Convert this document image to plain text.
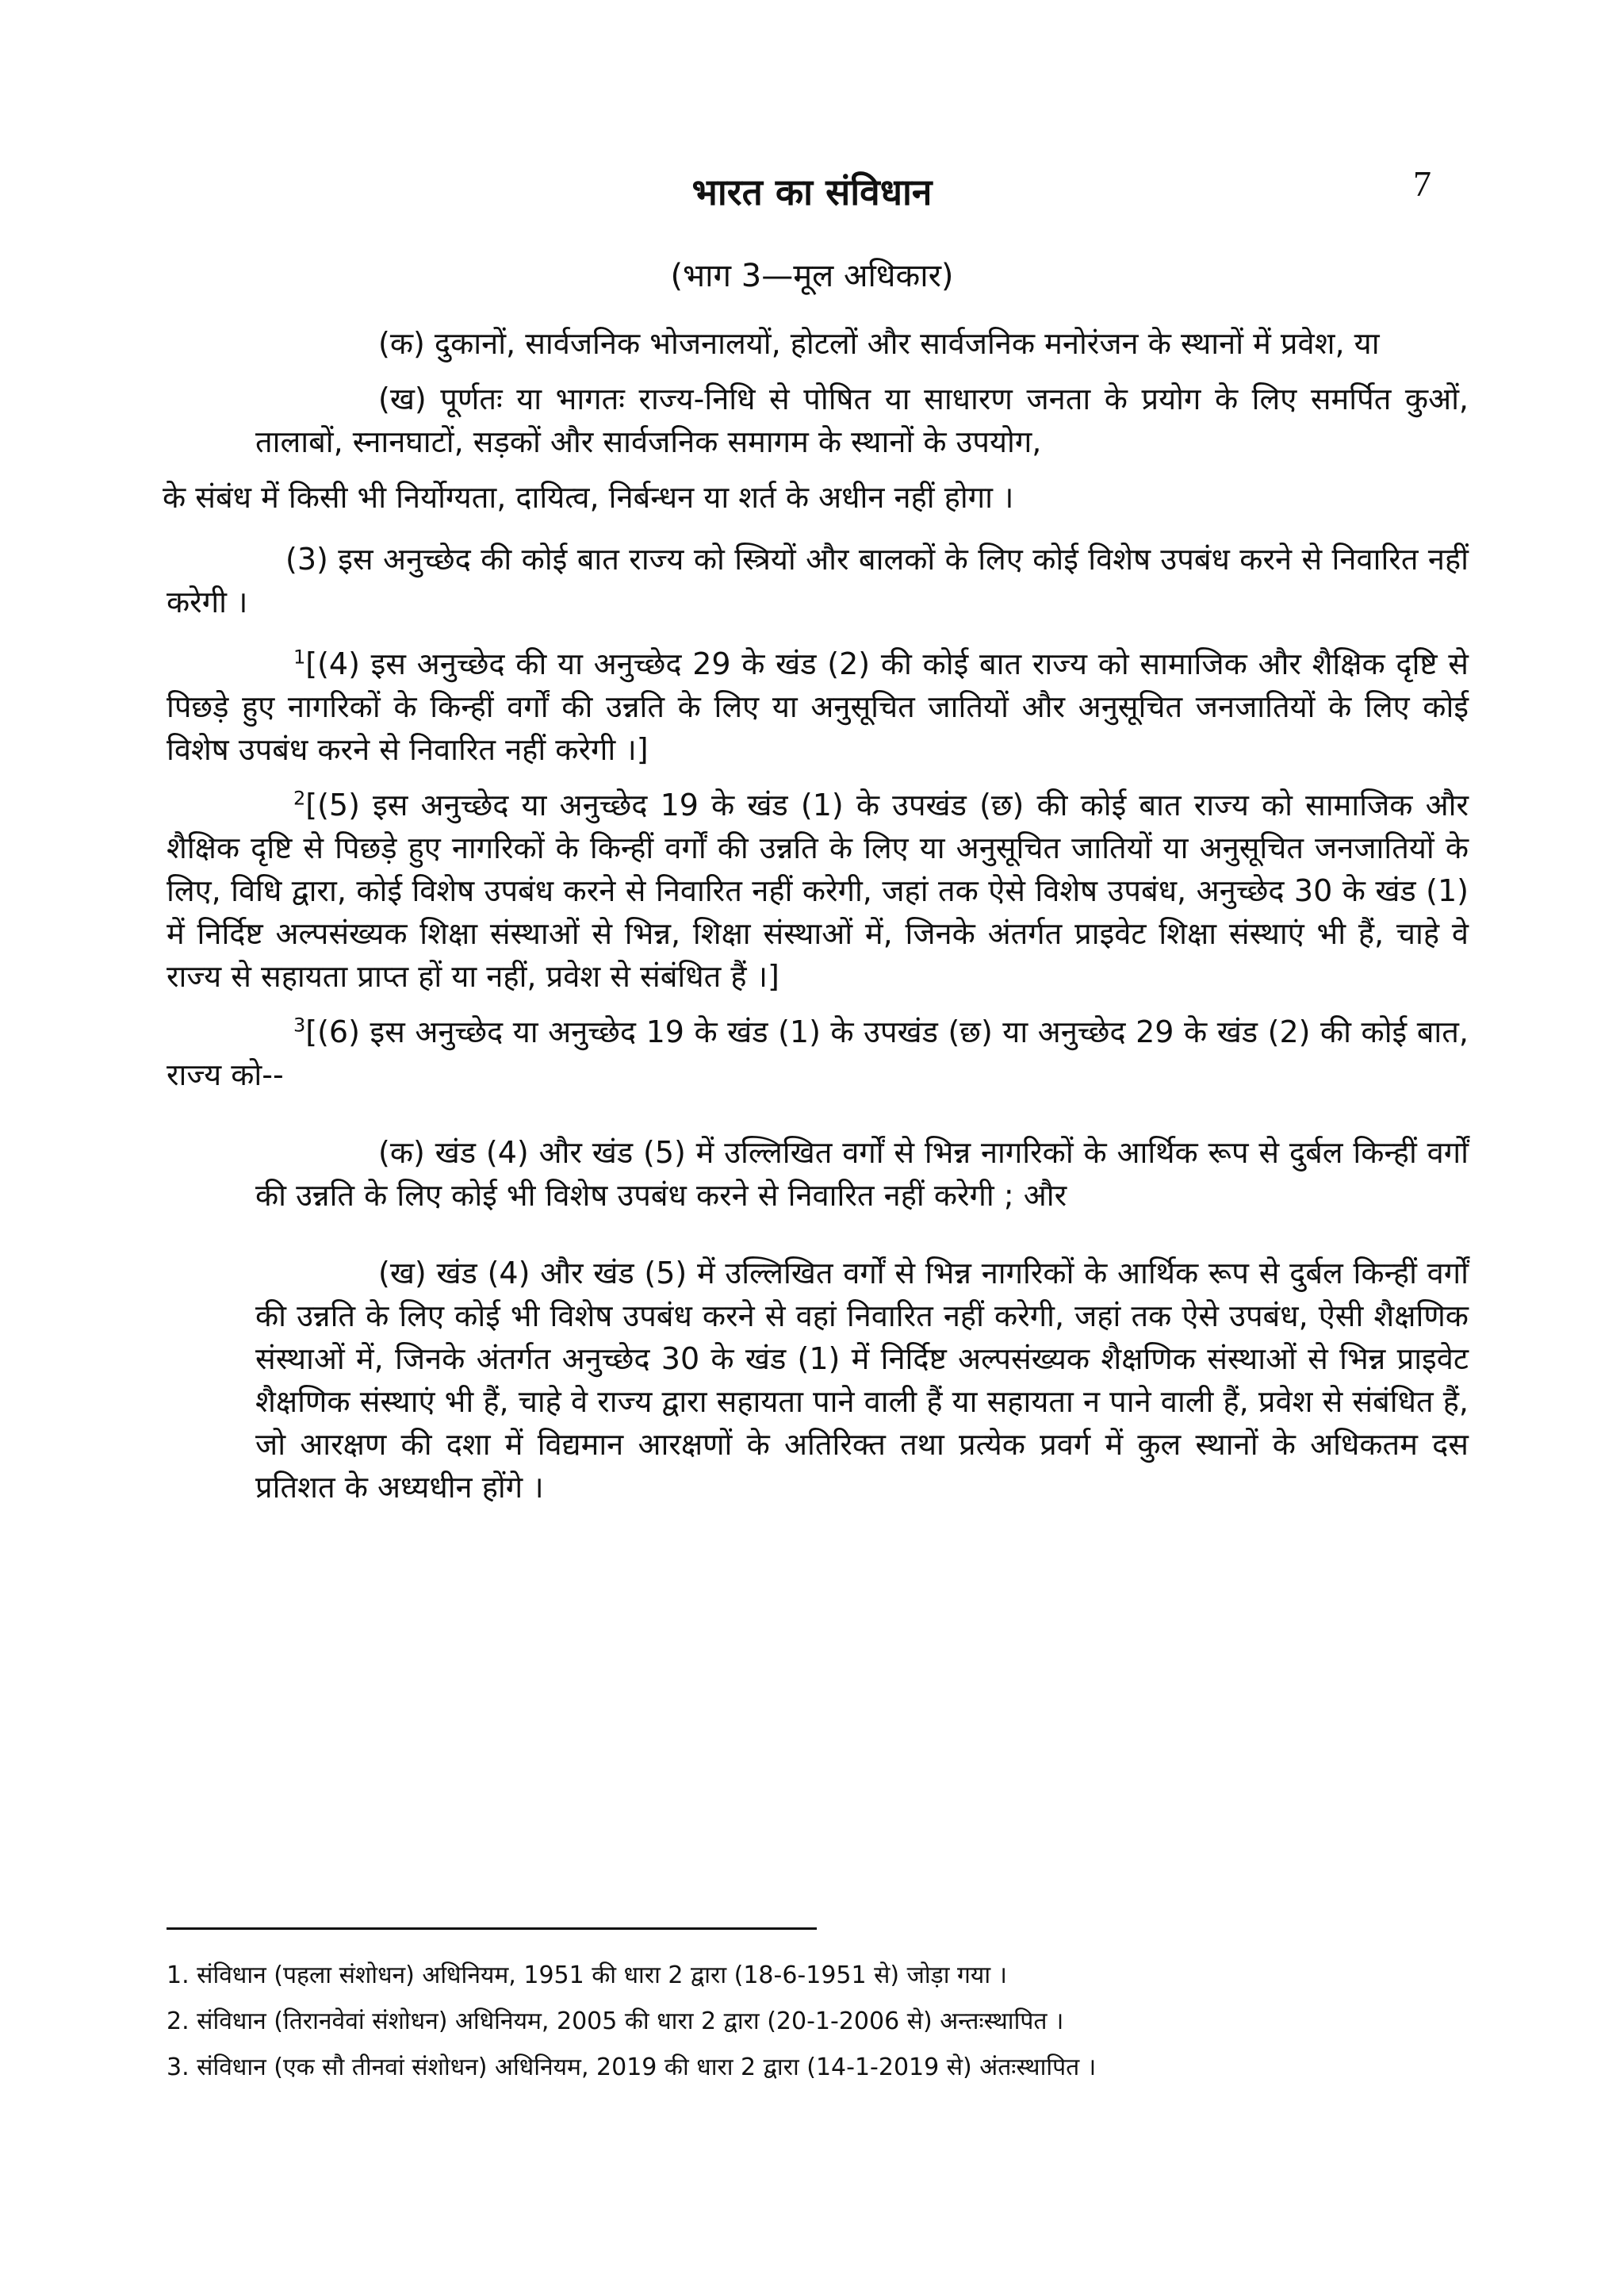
भारत का संविधान	7
(भाग 3—मूल अधिकार)

(क) दुकानों, सार्वजनिक भोजनालयों, होटलों और सार्वजनिक मनोरंजन के स्थानों में प्रवेश, या

(ख) पूर्णतः या भागतः राज्य-निधि से पोषित या साधारण जनता के प्रयोग के लिए समर्पित कुओं, तालाबों, स्नानघाटों, सड़कों और सार्वजनिक समागम के स्थानों के उपयोग,

के संबंध में किसी भी निर्योग्यता, दायित्व, निर्बन्धन या शर्त के अधीन नहीं होगा ।

(3) इस अनुच्छेद की कोई बात राज्य को स्त्रियों और बालकों के लिए कोई विशेष उपबंध करने से निवारित नहीं करेगी ।

$^1$[(4) इस अनुच्छेद की या अनुच्छेद 29 के खंड (2) की कोई बात राज्य को सामाजिक और शैक्षिक दृष्टि से पिछड़े हुए नागरिकों के किन्हीं वर्गों की उन्नति के लिए या अनुसूचित जातियों और अनुसूचित जनजातियों के लिए कोई विशेष उपबंध करने से निवारित नहीं करेगी ।]

$^2$[(5) इस अनुच्छेद या अनुच्छेद 19 के खंड (1) के उपखंड (छ) की कोई बात राज्य को सामाजिक और शैक्षिक दृष्टि से पिछड़े हुए नागरिकों के किन्हीं वर्गों की उन्नति के लिए या अनुसूचित जातियों या अनुसूचित जनजातियों के लिए, विधि द्वारा, कोई विशेष उपबंध करने से निवारित नहीं करेगी, जहां तक ऐसे विशेष उपबंध, अनुच्छेद 30 के खंड (1) में निर्दिष्ट अल्पसंख्यक शिक्षा संस्थाओं से भिन्न, शिक्षा संस्थाओं में, जिनके अंतर्गत प्राइवेट शिक्षा संस्थाएं भी हैं, चाहे वे राज्य से सहायता प्राप्त हों या नहीं, प्रवेश से संबंधित हैं ।]

$^3$[(6) इस अनुच्छेद या अनुच्छेद 19 के खंड (1) के उपखंड (छ) या अनुच्छेद 29 के खंड (2) की कोई बात, राज्य को--

(क) खंड (4) और खंड (5) में उल्लिखित वर्गों से भिन्न नागरिकों के आर्थिक रूप से दुर्बल किन्हीं वर्गों की उन्नति के लिए कोई भी विशेष उपबंध करने से निवारित नहीं करेगी ; और

(ख) खंड (4) और खंड (5) में उल्लिखित वर्गों से भिन्न नागरिकों के आर्थिक रूप से दुर्बल किन्हीं वर्गों की उन्नति के लिए कोई भी विशेष उपबंध करने से वहां निवारित नहीं करेगी, जहां तक ऐसे उपबंध, ऐसी शैक्षणिक संस्थाओं में, जिनके अंतर्गत अनुच्छेद 30 के खंड (1) में निर्दिष्ट अल्पसंख्यक शैक्षणिक संस्थाओं से भिन्न प्राइवेट शैक्षणिक संस्थाएं भी हैं, चाहे वे राज्य द्वारा सहायता पाने वाली हैं या सहायता न पाने वाली हैं, प्रवेश से संबंधित हैं, जो आरक्षण की दशा में विद्यमान आरक्षणों के अतिरिक्त तथा प्रत्येक प्रवर्ग में कुल स्थानों के अधिकतम दस प्रतिशत के अध्यधीन होंगे ।

1. संविधान (पहला संशोधन) अधिनियम, 1951 की धारा 2 द्वारा (18-6-1951 से) जोड़ा गया ।

2. संविधान (तिरानवेवां संशोधन) अधिनियम, 2005 की धारा 2 द्वारा (20-1-2006 से) अन्तःस्थापित ।

3. संविधान (एक सौ तीनवां संशोधन) अधिनियम, 2019 की धारा 2 द्वारा (14-1-2019 से) अंतःस्थापित ।
